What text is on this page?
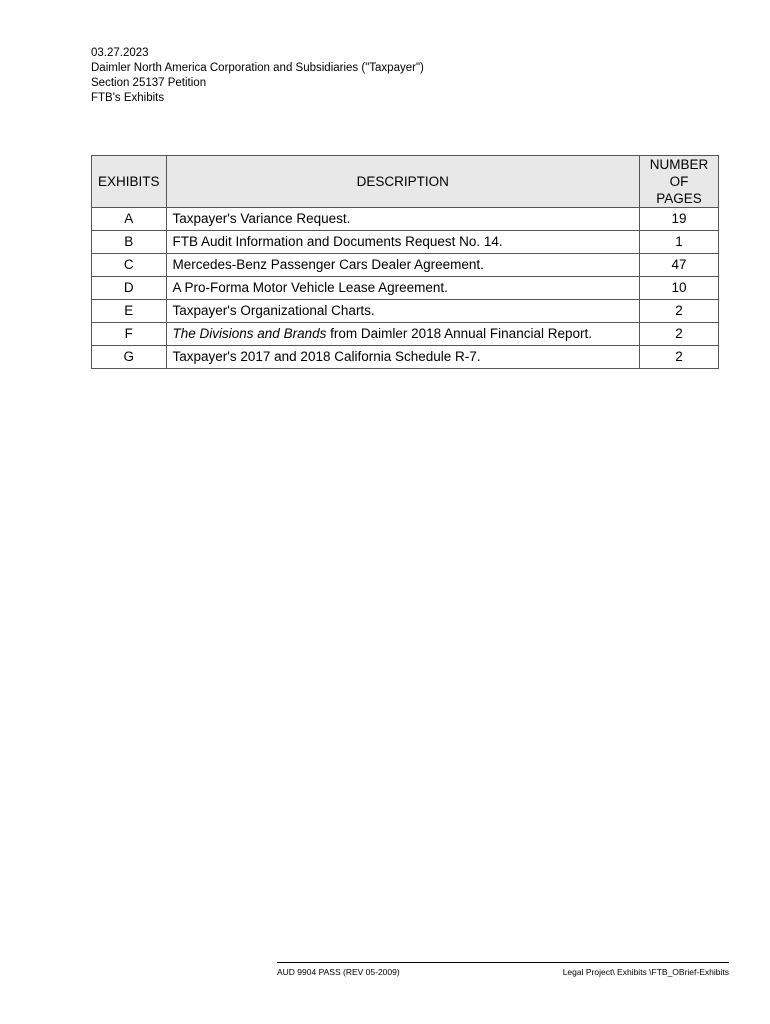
03.27.2023
Daimler North America Corporation and Subsidiaries ("Taxpayer")
Section 25137 Petition
FTB's Exhibits
EXHIBITS	DESCRIPTION	NUMBER
OF PAGES
A	Taxpayer's Variance Request.	19
B	FTB Audit Information and Documents Request No. 14.	1
C	Mercedes-Benz Passenger Cars Dealer Agreement.	47
D	A Pro-Forma Motor Vehicle Lease Agreement.	10
E	Taxpayer's Organizational Charts.	2
F	The Divisions and Brands from Daimler 2018 Annual Financial Report.	2
G	Taxpayer's 2017 and 2018 California Schedule R-7.	2
AUD 9904 PASS (REV 05-2009)	Legal Project\ Exhibits \FTB_OBrief-Exhibits
